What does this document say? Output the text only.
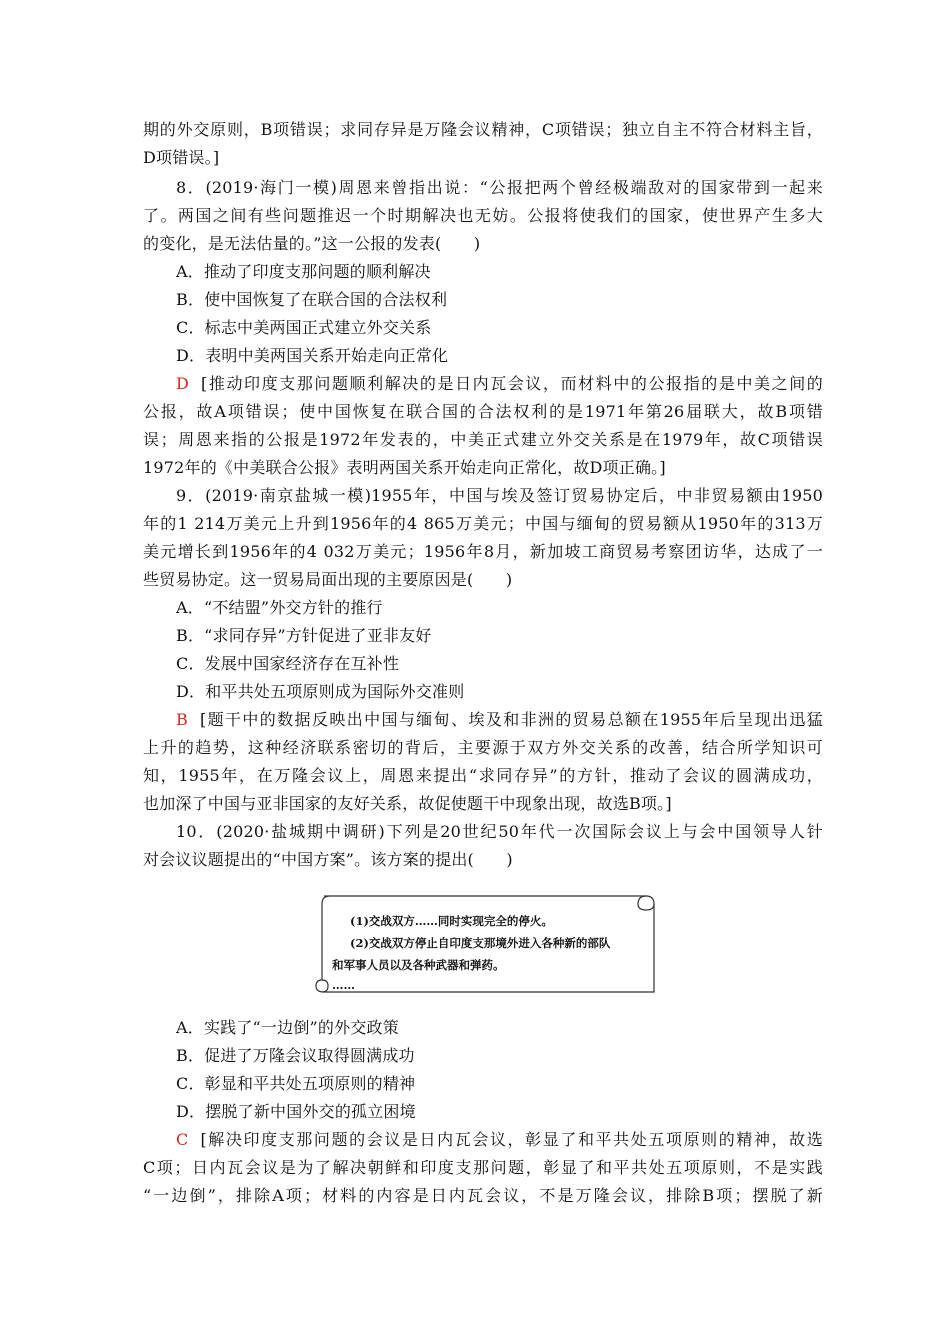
期的外交原则，B项错误；求同存异是万隆会议精神，C项错误；独立自主不符合材料主旨，
D项错误。]
8．(2019·海门一模)周恩来曾指出说：“公报把两个曾经极端敌对的国家带到一起来
了。两国之间有些问题推迟一个时期解决也无妨。公报将使我们的国家，使世界产生多大
的变化，是无法估量的。”这一公报的发表(　　)
A．推动了印度支那问题的顺利解决
B．使中国恢复了在联合国的合法权利
C．标志中美两国正式建立外交关系
D．表明中美两国关系开始走向正常化
D [推动印度支那问题顺利解决的是日内瓦会议，而材料中的公报指的是中美之间的
公报，故A项错误；使中国恢复在联合国的合法权利的是1971年第26届联大，故B项错
误；周恩来指的公报是1972年发表的，中美正式建立外交关系是在1979年，故C项错误
1972年的《中美联合公报》表明两国关系开始走向正常化，故D项正确。]
9．(2019·南京盐城一模)1955年，中国与埃及签订贸易协定后，中非贸易额由1950
年的1 214万美元上升到1956年的4 865万美元；中国与缅甸的贸易额从1950年的313万
美元增长到1956年的4 032万美元；1956年8月，新加坡工商贸易考察团访华，达成了一
些贸易协定。这一贸易局面出现的主要原因是(　　)
A．“不结盟”外交方针的推行
B．“求同存异”方针促进了亚非友好
C．发展中国家经济存在互补性
D．和平共处五项原则成为国际外交准则
B [题干中的数据反映出中国与缅甸、埃及和非洲的贸易总额在1955年后呈现出迅猛
上升的趋势，这种经济联系密切的背后，主要源于双方外交关系的改善，结合所学知识可
知，1955年，在万隆会议上，周恩来提出“求同存异”的方针，推动了会议的圆满成功，
也加深了中国与亚非国家的友好关系，故促使题干中现象出现，故选B项。]
10．(2020·盐城期中调研)下列是20世纪50年代一次国际会议上与会中国领导人针
对会议议题提出的“中国方案”。该方案的提出(　　)
(1)交战双方……同时实现完全的停火。
(2)交战双方停止自印度支那境外进入各种新的部队
和军事人员以及各种武器和弹药。
……
A．实践了“一边倒”的外交政策
B．促进了万隆会议取得圆满成功
C．彰显和平共处五项原则的精神
D．摆脱了新中国外交的孤立困境
C [解决印度支那问题的会议是日内瓦会议，彰显了和平共处五项原则的精神，故选
C项；日内瓦会议是为了解决朝鲜和印度支那问题，彰显了和平共处五项原则，不是实践
“一边倒”，排除A项；材料的内容是日内瓦会议，不是万隆会议，排除B项；摆脱了新
